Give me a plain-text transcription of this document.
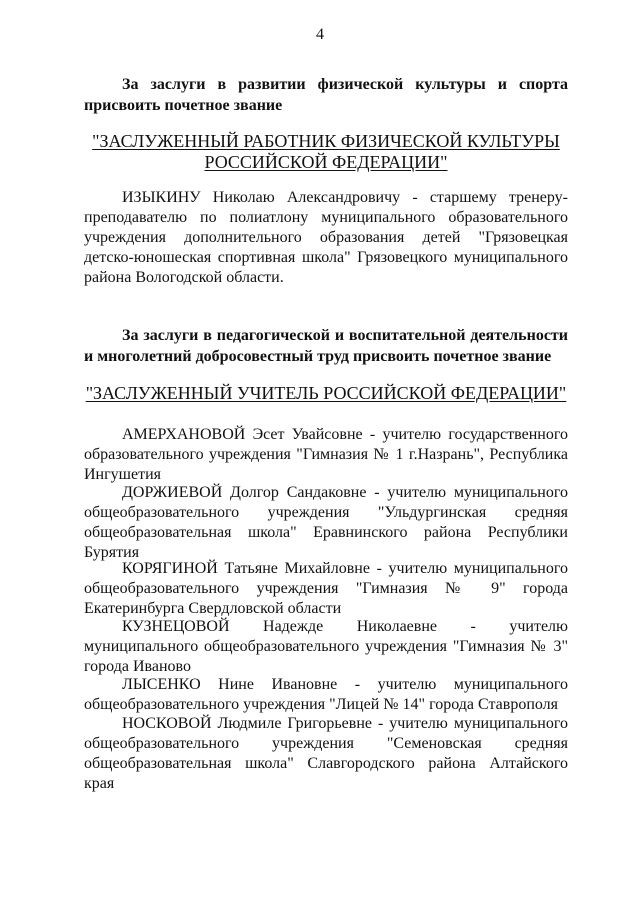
4
За заслуги в развитии физической культуры и спорта
присвоить почетное звание
"ЗАСЛУЖЕННЫЙ РАБОТНИК ФИЗИЧЕСКОЙ КУЛЬТУРЫ
РОССИЙСКОЙ ФЕДЕРАЦИИ"
ИЗЫКИНУ Николаю Александровичу - старшему тренеру-
преподавателю по полиатлону муниципального образовательного
учреждения дополнительного образования детей "Грязовецкая
детско-юношеская спортивная школа" Грязовецкого муниципального
района Вологодской области.
За заслуги в педагогической и воспитательной деятельности
и многолетний добросовестный труд присвоить почетное звание
"ЗАСЛУЖЕННЫЙ УЧИТЕЛЬ РОССИЙСКОЙ ФЕДЕРАЦИИ"
АМЕРХАНОВОЙ Эсет Увайсовне - учителю государственного
образовательного учреждения "Гимназия № 1 г.Назрань", Республика
Ингушетия
ДОРЖИЕВОЙ Долгор Сандаковне - учителю муниципального
общеобразовательного учреждения "Ульдургинская средняя
общеобразовательная школа" Еравнинского района Республики
Бурятия
КОРЯГИНОЙ Татьяне Михайловне - учителю муниципального
общеобразовательного учреждения "Гимназия № 9" города
Екатеринбурга Свердловской области
КУЗНЕЦОВОЙ Надежде Николаевне - учителю
муниципального общеобразовательного учреждения "Гимназия № 3"
города Иваново
ЛЫСЕНКО Нине Ивановне - учителю муниципального
общеобразовательного учреждения "Лицей № 14" города Ставрополя
НОСКОВОЙ Людмиле Григорьевне - учителю муниципального
общеобразовательного учреждения "Семеновская средняя
общеобразовательная школа" Славгородского района Алтайского
края
